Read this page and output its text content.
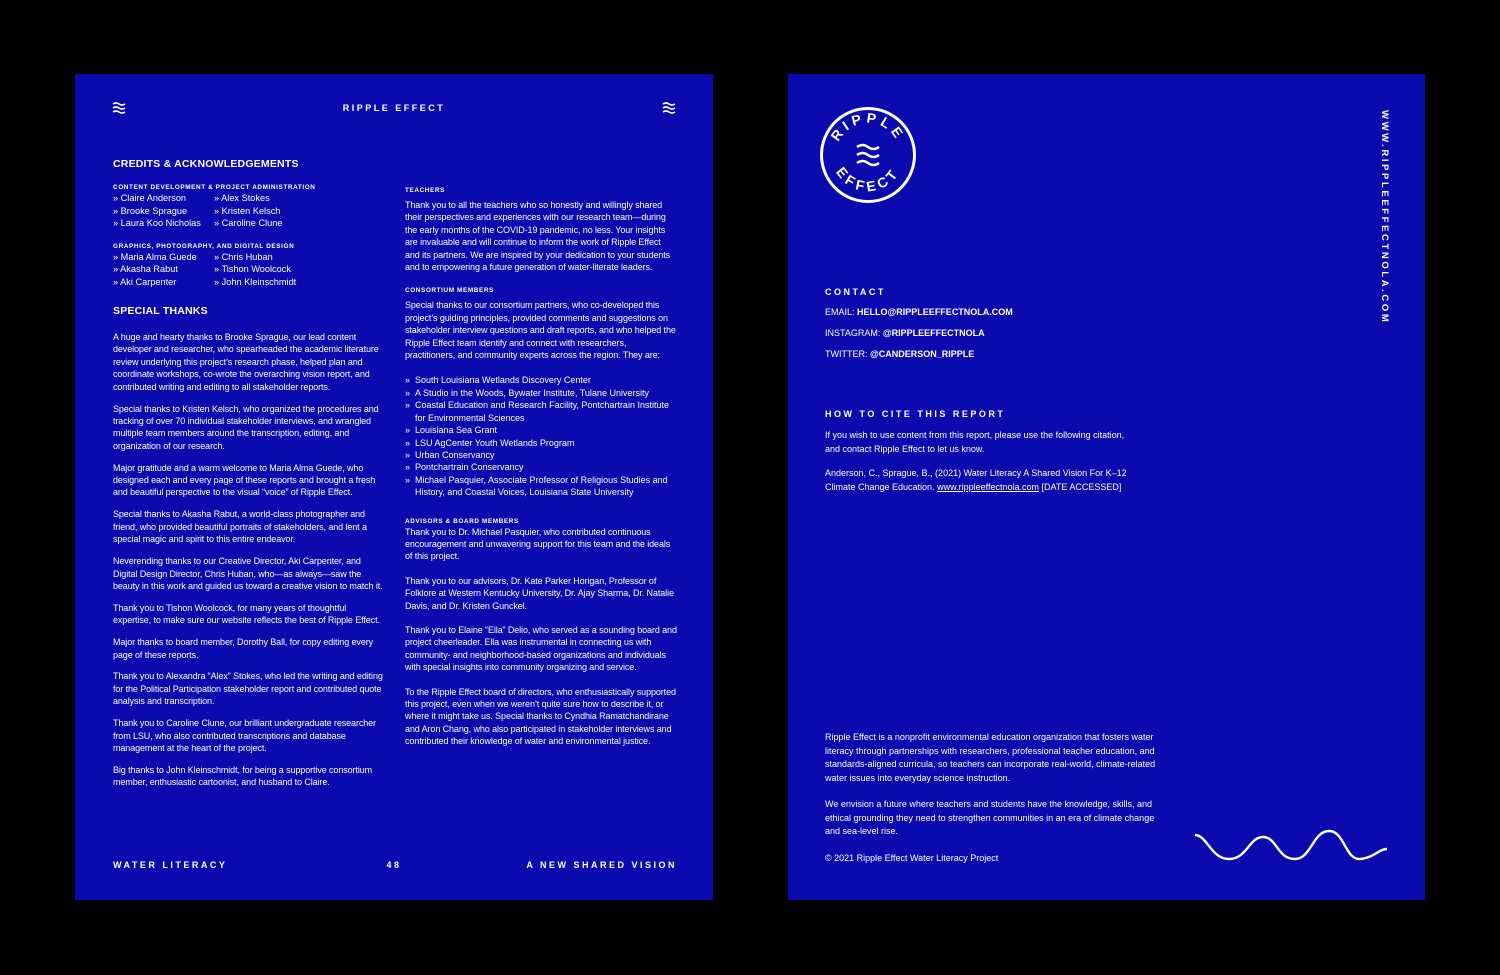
RIPPLE EFFECT
CREDITS & ACKNOWLEDGEMENTS
CONTENT DEVELOPMENT & PROJECT ADMINISTRATION
» Claire Anderson
» Brooke Sprague
» Laura Koo Nicholas
» Alex Stokes
» Kristen Kelsch
» Caroline Clune
GRAPHICS, PHOTOGRAPHY, AND DIGITAL DESIGN
» Maria Alma Guede
» Akasha Rabut
» Aki Carpenter
» Chris Huban
» Tishon Woolcock
» John Kleinschmidt
SPECIAL THANKS

A huge and hearty thanks to Brooke Sprague, our lead content developer and researcher, who spearheaded the academic literature review underlying this project’s research phase, helped plan and coordinate workshops, co-wrote the overarching vision report, and contributed writing and editing to all stakeholder reports.

Special thanks to Kristen Kelsch, who organized the procedures and tracking of over 70 individual stakeholder interviews, and wrangled multiple team members around the transcription, editing, and organization of our research.

Major gratitude and a warm welcome to Maria Alma Guede, who designed each and every page of these reports and brought a fresh and beautiful perspective to the visual “voice” of Ripple Effect.

Special thanks to Akasha Rabut, a world-class photographer and friend, who provided beautiful portraits of stakeholders, and lent a special magic and spirit to this entire endeavor.

Neverending thanks to our Creative Director, Aki Carpenter, and Digital Design Director, Chris Huban, who—as always—saw the beauty in this work and guided us toward a creative vision to match it.

Thank you to Tishon Woolcock, for many years of thoughtful expertise, to make sure our website reflects the best of Ripple Effect.

Major thanks to board member, Dorothy Ball, for copy editing every page of these reports.

Thank you to Alexandra “Alex” Stokes, who led the writing and editing for the Political Participation stakeholder report and contributed quote analysis and transcription.

Thank you to Caroline Clune, our brilliant undergraduate researcher from LSU, who also contributed transcriptions and database management at the heart of the project.

Big thanks to John Kleinschmidt, for being a supportive consortium member, enthusiastic cartoonist, and husband to Claire.

TEACHERS

Thank you to all the teachers who so honestly and willingly shared their perspectives and experiences with our research team—during the early months of the COVID-19 pandemic, no less. Your insights are invaluable and will continue to inform the work of Ripple Effect and its partners. We are inspired by your dedication to your students and to empowering a future generation of water-literate leaders.

CONSORTIUM MEMBERS

Special thanks to our consortium partners, who co-developed this project’s guiding principles, provided comments and suggestions on stakeholder interview questions and draft reports, and who helped the Ripple Effect team identify and connect with researchers, practitioners, and community experts across the region. They are:

» South Louisiana Wetlands Discovery Center
» A Studio in the Woods, Bywater Institute, Tulane University
» Coastal Education and Research Facility, Pontchartrain Institute for Environmental Sciences
» Louisiana Sea Grant
» LSU AgCenter Youth Wetlands Program
» Urban Conservancy
» Pontchartrain Conservancy
» Michael Pasquier, Associate Professor of Religious Studies and History, and Coastal Voices, Louisiana State University
ADVISORS & BOARD MEMBERS

Thank you to Dr. Michael Pasquier, who contributed continuous encouragement and unwavering support for this team and the ideals of this project.

Thank you to our advisors, Dr. Kate Parker Horigan, Professor of Folklore at Western Kentucky University, Dr. Ajay Sharma, Dr. Natalie Davis, and Dr. Kristen Gunckel.

Thank you to Elaine “Ella” Delio, who served as a sounding board and project cheerleader. Ella was instrumental in connecting us with community- and neighborhood-based organizations and individuals with special insights into community organizing and service.

To the Ripple Effect board of directors, who enthusiastically supported this project, even when we weren’t quite sure how to describe it, or where it might take us. Special thanks to Cyndhia Ramatchandirane and Aron Chang, who also participated in stakeholder interviews and contributed their knowledge of water and environmental justice.

WATER LITERACY	48	A NEW SHARED VISION
RIPPLE
EFFECT	WWW.RIPPLEEFFECTNOLA.COM
CONTACT
EMAIL: HELLO@RIPPLEEFFECTNOLA.COM
INSTAGRAM: @RIPPLEEFFECTNOLA
TWITTER: @CANDERSON_RIPPLE
HOW TO CITE THIS REPORT

If you wish to use content from this report, please use the following citation, and contact Ripple Effect to let us know.

Anderson, C., Sprague, B., (2021) Water Literacy A Shared Vision For K–12 Climate Change Education. www.rippleeffectnola.com [DATE ACCESSED]

Ripple Effect is a nonprofit environmental education organization that fosters water literacy through partnerships with researchers, professional teacher education, and standards-aligned curricula, so teachers can incorporate real-world, climate-related water issues into everyday science instruction.

We envision a future where teachers and students have the knowledge, skills, and ethical grounding they need to strengthen communities in an era of climate change and sea-level rise.

© 2021 Ripple Effect Water Literacy Project
